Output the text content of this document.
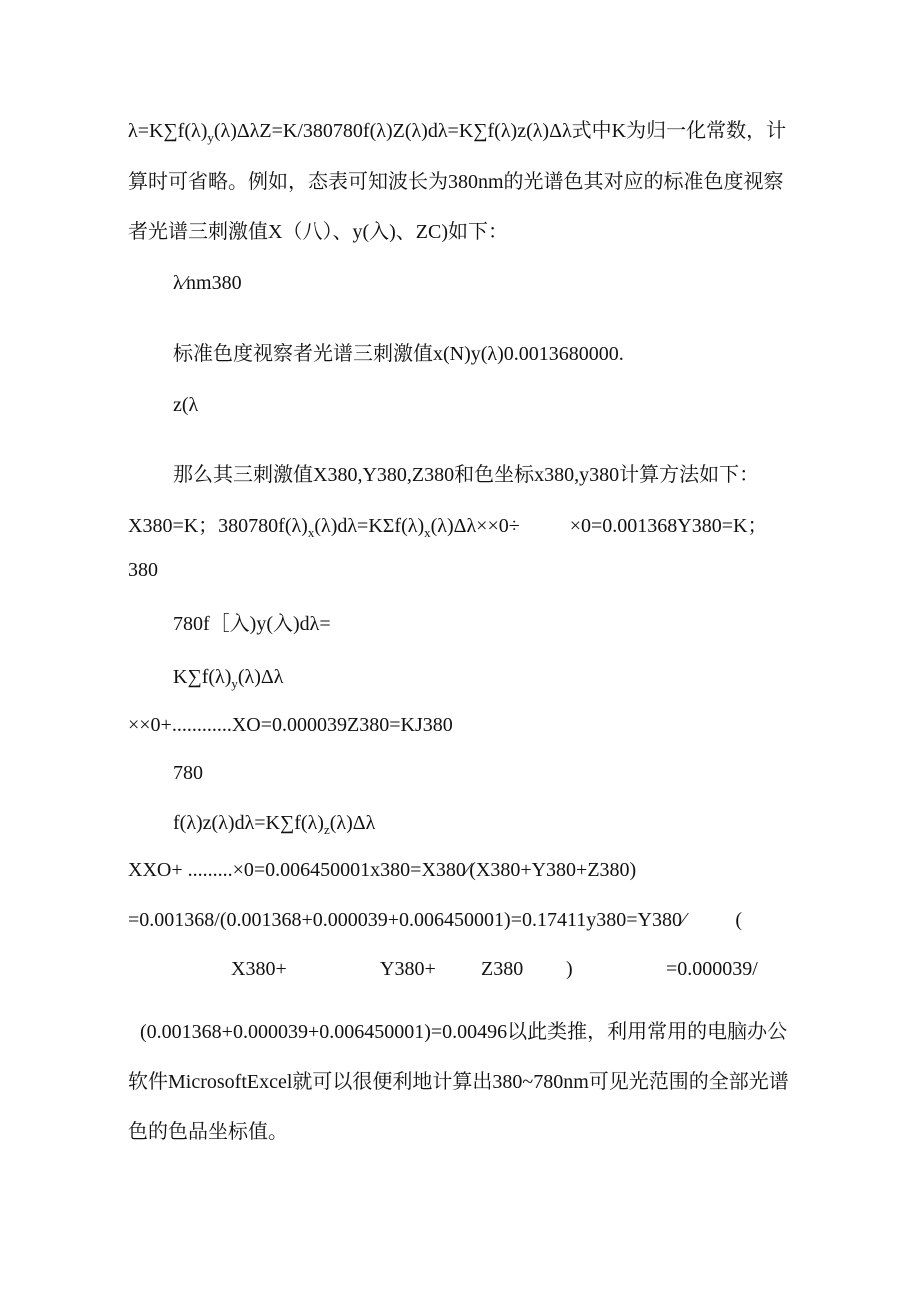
$\lambda=K\sum f(\lambda)_y(\lambda)\Delta\lambda Z=K/380780f(\lambda)Z(\lambda)d\lambda=K\sum f(\lambda)z(\lambda)\Delta\lambda$式中K为归一化常数，计
算时可省略。例如，态表可知波长为380nm的光谱色其对应的标准色度视察
者光谱三刺激值X（八）、y(入)、ZC)如下：
λ⁄nm380
标准色度视察者光谱三刺激值x(N)y(λ)0.0013680000.
z(λ
那么其三刺激值X380,Y380,Z380和色坐标x380,y380计算方法如下：
X380=K；$380780f(\lambda)_x(\lambda)d\lambda=K\Sigma f(\lambda)_x(\lambda)\Delta\lambda\times\times 0\div$          ×0=0.001368Y380=K；
380
780f［入)y(入)dλ=
$K\sum f(\lambda)_y(\lambda)\Delta\lambda$
××0+............XO=0.000039Z380=KJ380
780
$f(\lambda)z(\lambda)d\lambda=K\sum f(\lambda)_z(\lambda)\Delta\lambda$
XXO+ .........×0=0.006450001x380=X380⁄(X380+Y380+Z380)
=0.001368/(0.001368+0.000039+0.006450001)=0.17411y380=Y380⁄          (
X380+	Y380+ Z380 )	=0.000039/
(0.001368+0.000039+0.006450001)=0.00496以此类推，利用常用的电脑办公
软件MicrosoftExcel就可以很便利地计算出380~780nm可见光范围的全部光谱
色的色品坐标值。
